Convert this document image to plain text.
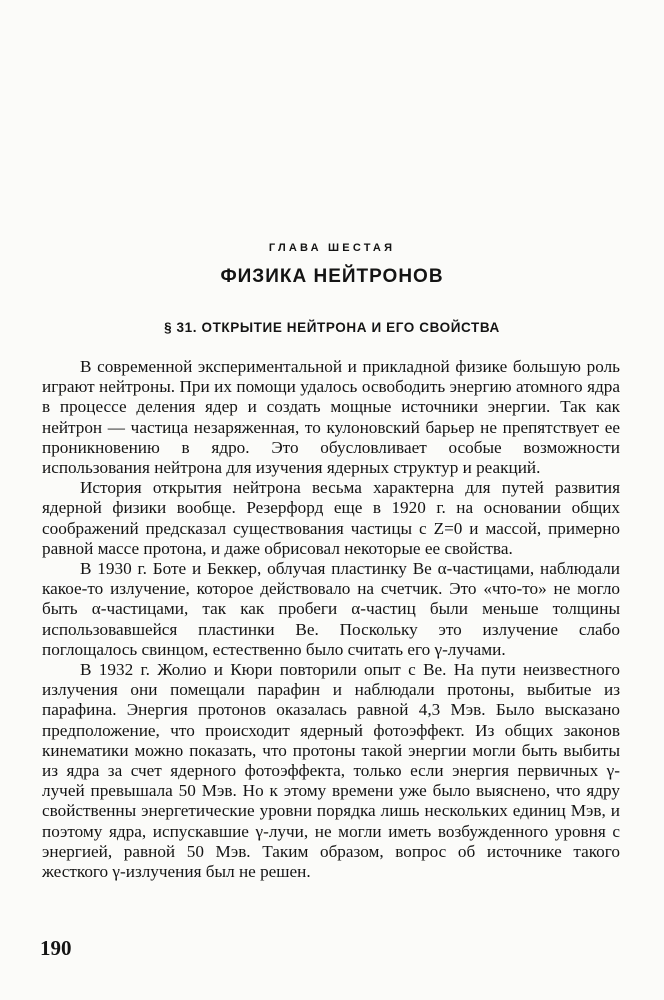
ГЛАВА ШЕСТАЯ
ФИЗИКА НЕЙТРОНОВ
§ 31. ОТКРЫТИЕ НЕЙТРОНА И ЕГО СВОЙСТВА

В современной экспериментальной и прикладной физике большую роль играют нейтроны. При их помощи удалось освободить энергию атомного ядра в процессе деления ядер и создать мощные источники энергии. Так как нейтрон — частица незаряженная, то кулоновский барьер не препятствует ее проникновению в ядро. Это обусловливает особые возможности использования нейтрона для изучения ядерных структур и реакций.

История открытия нейтрона весьма характерна для путей развития ядерной физики вообще. Резерфорд еще в 1920 г. на основании общих соображений предсказал существования частицы с Z=0 и массой, примерно равной массе протона, и даже обрисовал некоторые ее свойства.

В 1930 г. Боте и Беккер, облучая пластинку Be α-частицами, наблюдали какое-то излучение, которое действовало на счетчик. Это «что-то» не могло быть α-частицами, так как пробеги α-частиц были меньше толщины использовавшейся пластинки Be. Поскольку это излучение слабо поглощалось свинцом, естественно было считать его γ-лучами.

В 1932 г. Жолио и Кюри повторили опыт с Be. На пути неизвестного излучения они помещали парафин и наблюдали протоны, выбитые из парафина. Энергия протонов оказалась равной 4,3 Мэв. Было высказано предположение, что происходит ядерный фотоэффект. Из общих законов кинематики можно показать, что протоны такой энергии могли быть выбиты из ядра за счет ядерного фотоэффекта, только если энергия первичных γ-лучей превышала 50 Мэв. Но к этому времени уже было выяснено, что ядру свойственны энергетические уровни порядка лишь нескольких единиц Мэв, и поэтому ядра, испускавшие γ-лучи, не могли иметь возбужденного уровня с энергией, равной 50 Мэв. Таким образом, вопрос об источнике такого жесткого γ-излучения был не решен.

190
